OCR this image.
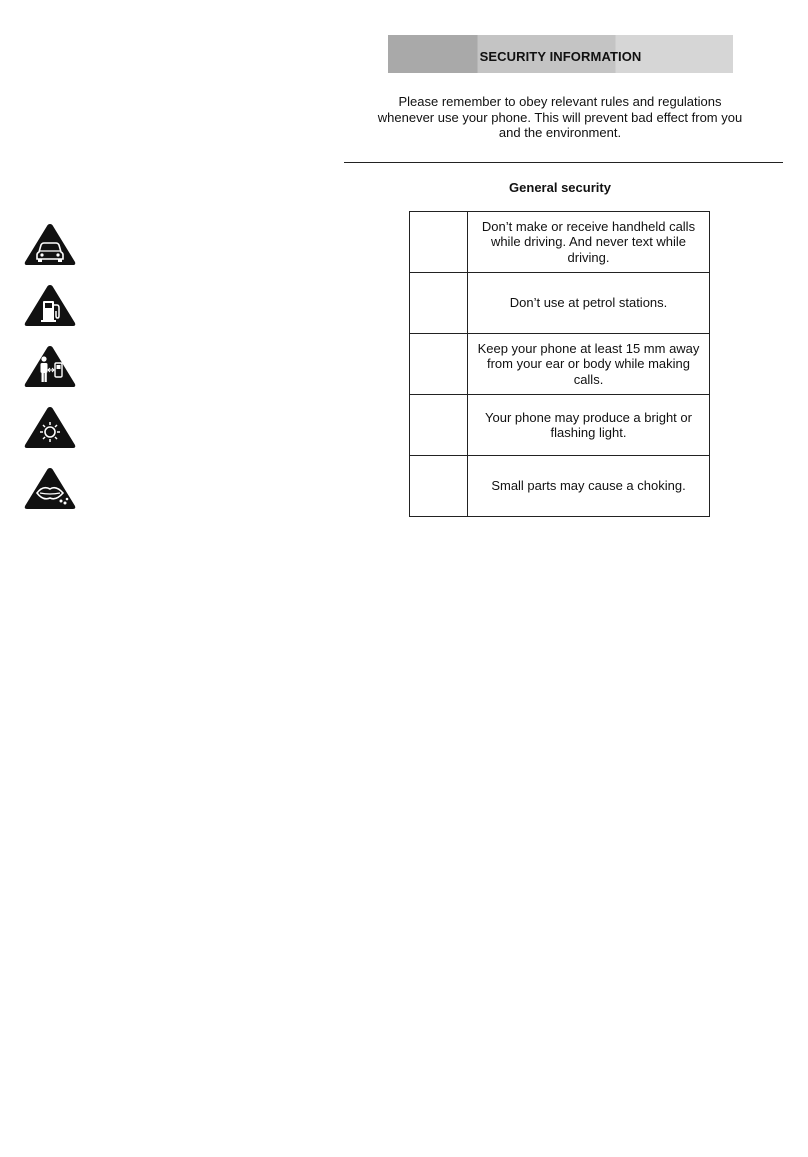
SECURITY INFORMATION
Please remember to obey relevant rules and regulations whenever use your phone. This will prevent bad effect from you and the environment.
General security
	Don’t make or receive handheld calls while driving. And never text while driving.
	Don’t use at petrol stations.
	Keep your phone at least 15 mm away from your ear or body while making calls.
	Your phone may produce a bright or flashing light.
	Small parts may cause a choking.
